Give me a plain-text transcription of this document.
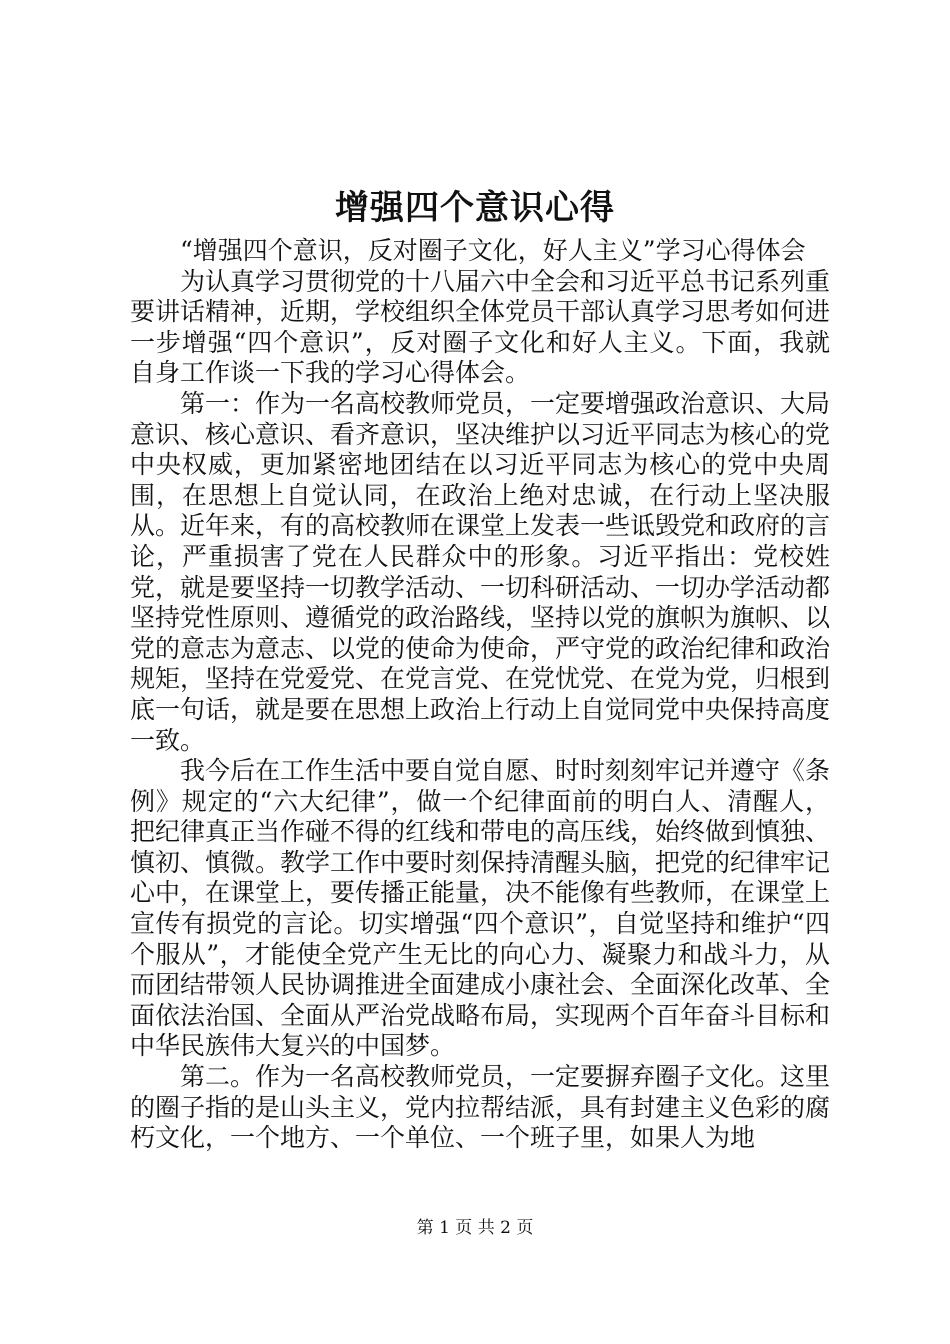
增强四个意识心得

“增强四个意识，反对圈子文化，好人主义”学习心得体会

为认真学习贯彻党的十八届六中全会和习近平总书记系列重要讲话精神，近期，学校组织全体党员干部认真学习思考如何进一步增强“四个意识”，反对圈子文化和好人主义。下面，我就自身工作谈一下我的学习心得体会。

第一：作为一名高校教师党员，一定要增强政治意识、大局意识、核心意识、看齐意识，坚决维护以习近平同志为核心的党中央权威，更加紧密地团结在以习近平同志为核心的党中央周围，在思想上自觉认同，在政治上绝对忠诚，在行动上坚决服从。近年来，有的高校教师在课堂上发表一些诋毁党和政府的言论，严重损害了党在人民群众中的形象。习近平指出：党校姓党，就是要坚持一切教学活动、一切科研活动、一切办学活动都坚持党性原则、遵循党的政治路线，坚持以党的旗帜为旗帜、以党的意志为意志、以党的使命为使命，严守党的政治纪律和政治规矩，坚持在党爱党、在党言党、在党忧党、在党为党，归根到底一句话，就是要在思想上政治上行动上自觉同党中央保持高度一致。

我今后在工作生活中要自觉自愿、时时刻刻牢记并遵守《条例》规定的“六大纪律”，做一个纪律面前的明白人、清醒人，把纪律真正当作碰不得的红线和带电的高压线，始终做到慎独、慎初、慎微。教学工作中要时刻保持清醒头脑，把党的纪律牢记心中，在课堂上，要传播正能量，决不能像有些教师，在课堂上宣传有损党的言论。切实增强“四个意识”，自觉坚持和维护“四个服从”，才能使全党产生无比的向心力、凝聚力和战斗力，从而团结带领人民协调推进全面建成小康社会、全面深化改革、全面依法治国、全面从严治党战略布局，实现两个百年奋斗目标和中华民族伟大复兴的中国梦。

第二。作为一名高校教师党员，一定要摒弃圈子文化。这里的圈子指的是山头主义，党内拉帮结派，具有封建主义色彩的腐朽文化，一个地方、一个单位、一个班子里，如果人为地

第 1 页 共 2 页
